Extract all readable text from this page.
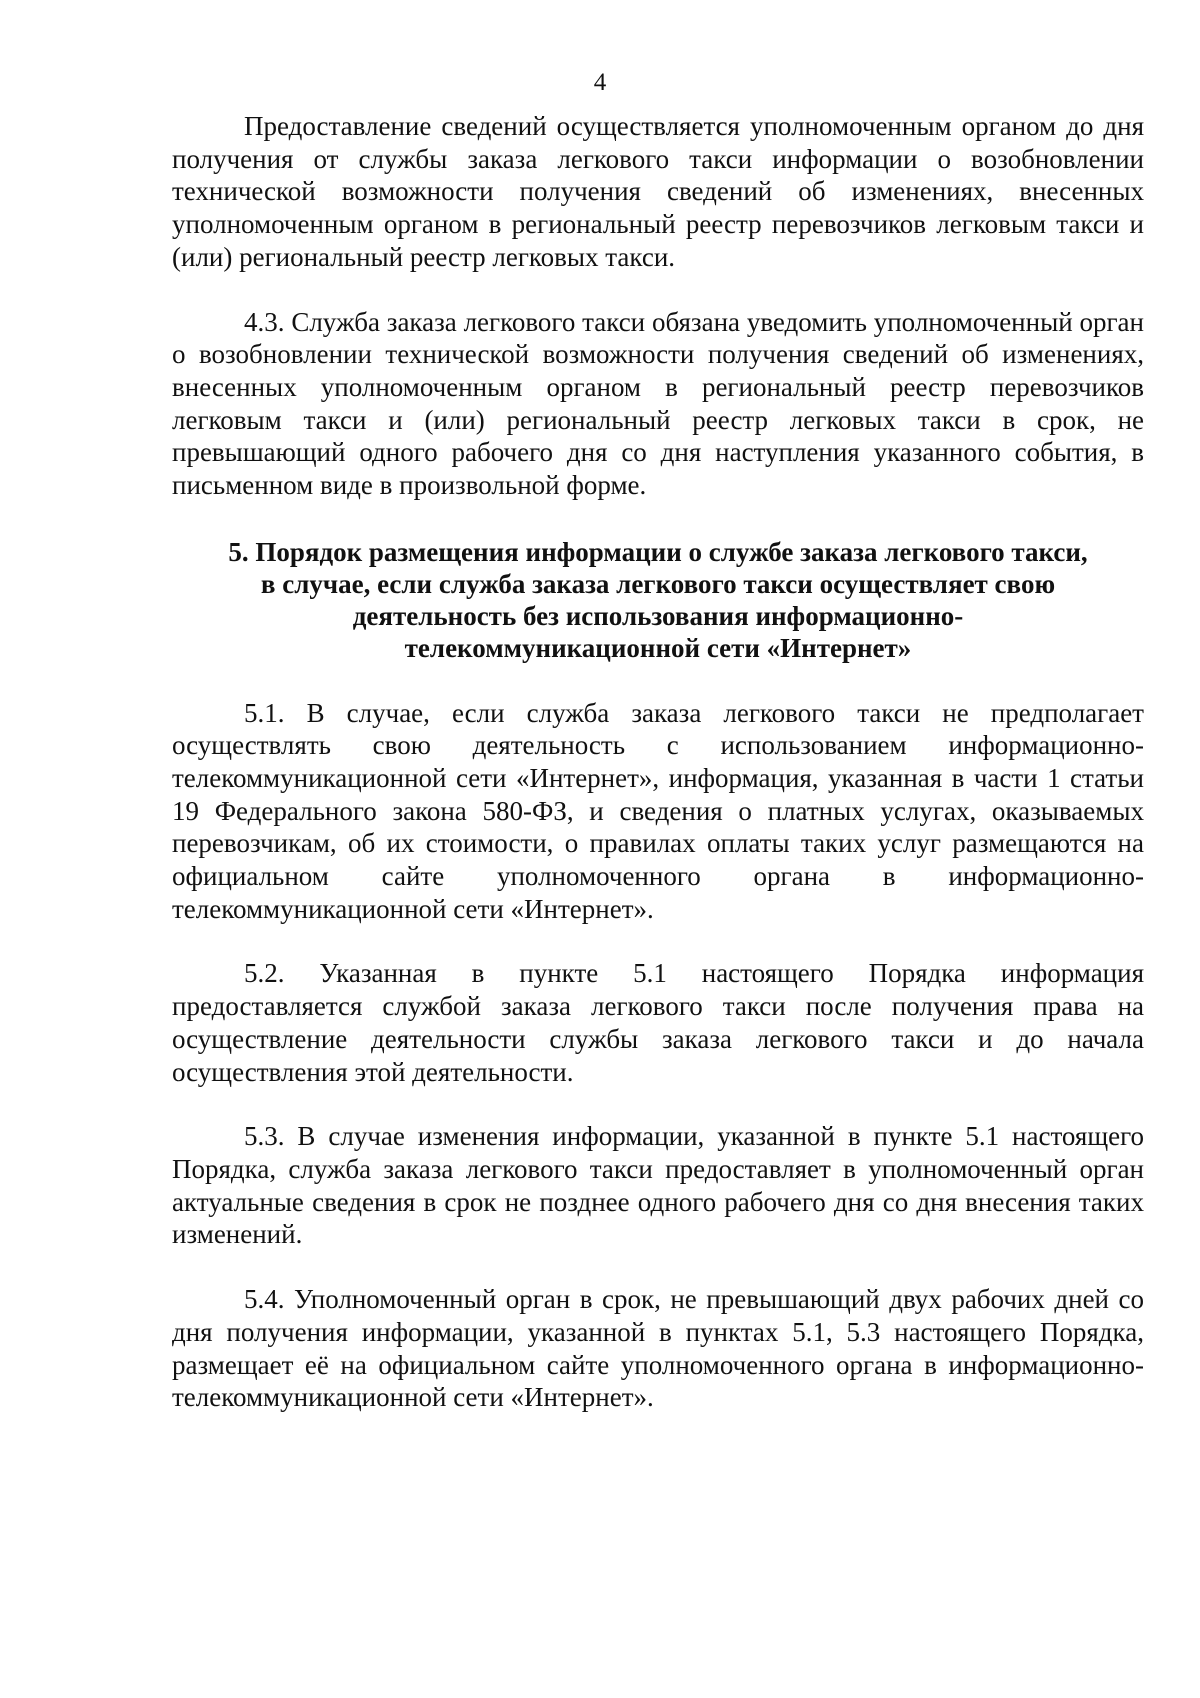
4

Предоставление сведений осуществляется уполномоченным органом до дня получения от службы заказа легкового такси информации о возобновлении технической возможности получения сведений об изменениях, внесенных уполномоченным органом в региональный реестр перевозчиков легковым такси и (или) региональный реестр легковых такси.

4.3. Служба заказа легкового такси обязана уведомить уполномоченный орган о возобновлении технической возможности получения сведений об изменениях, внесенных уполномоченным органом в региональный реестр перевозчиков легковым такси и (или) региональный реестр легковых такси в срок, не превышающий одного рабочего дня со дня наступления указанного события, в письменном виде в произвольной форме.

5. Порядок размещения информации о службе заказа легкового такси,
в случае, если служба заказа легкового такси осуществляет свою
деятельность без использования информационно-
телекоммуникационной сети «Интернет»

5.1. В случае, если служба заказа легкового такси не предполагает осуществлять свою деятельность с использованием информационно-телекоммуникационной сети «Интернет», информация, указанная в части 1 статьи 19 Федерального закона 580-ФЗ, и сведения о платных услугах, оказываемых перевозчикам, об их стоимости, о правилах оплаты таких услуг размещаются на официальном сайте уполномоченного органа в информационно-телекоммуникационной сети «Интернет».

5.2. Указанная в пункте 5.1 настоящего Порядка информация предоставляется службой заказа легкового такси после получения права на осуществление деятельности службы заказа легкового такси и до начала осуществления этой деятельности.

5.3. В случае изменения информации, указанной в пункте 5.1 настоящего Порядка, служба заказа легкового такси предоставляет в уполномоченный орган актуальные сведения в срок не позднее одного рабочего дня со дня внесения таких изменений.

5.4. Уполномоченный орган в срок, не превышающий двух рабочих дней со дня получения информации, указанной в пунктах 5.1, 5.3 настоящего Порядка, размещает её на официальном сайте уполномоченного органа в информационно-телекоммуникационной сети «Интернет».
